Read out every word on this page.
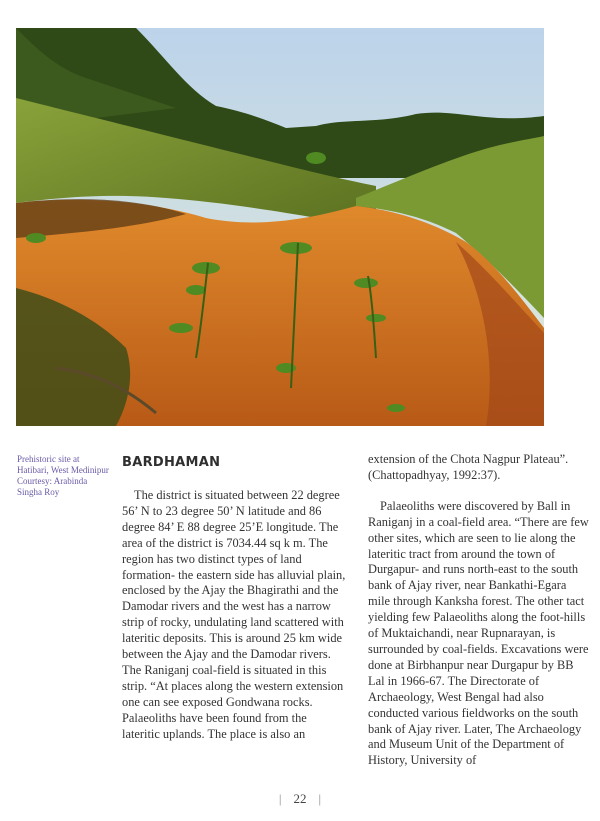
Prehistoric site at Hatibari, West Medinipur Courtesy: Arabinda Singha Roy
BARDHAMAN

The district is situated between 22 degree 56’ N to 23 degree 50’ N latitude and 86 degree 84’ E 88 degree 25’E longitude. The area of the district is 7034.44 sq k m. The region has two distinct types of land formation- the eastern side has alluvial plain, enclosed by the Ajay the Bhagirathi and the Damodar rivers and the west has a narrow strip of rocky, undulating land scattered with lateritic deposits. This is around 25 km wide between the Ajay and the Damodar rivers. The Raniganj coal-field is situated in this strip. “At places along the western extension one can see exposed Gondwana rocks. Palaeoliths have been found from the lateritic uplands. The place is also an

extension of the Chota Nagpur Plateau”. (Chattopadhyay, 1992:37).

Palaeoliths were discovered by Ball in Raniganj in a coal-field area. “There are few other sites, which are seen to lie along the lateritic tract from around the town of Durgapur- and runs north-east to the south bank of Ajay river, near Bankathi-Egara mile through Kanksha forest. The other tact yielding few Palaeoliths along the foot-hills of Muktaichandi, near Rupnarayan, is surrounded by coal-fields. Excavations were done at Birbhanpur near Durgapur by BB Lal in 1966-67. The Directorate of Archaeology, West Bengal had also conducted various fieldworks on the south bank of Ajay river. Later, The Archaeology and Museum Unit of the Department of History, University of

| 22 |
